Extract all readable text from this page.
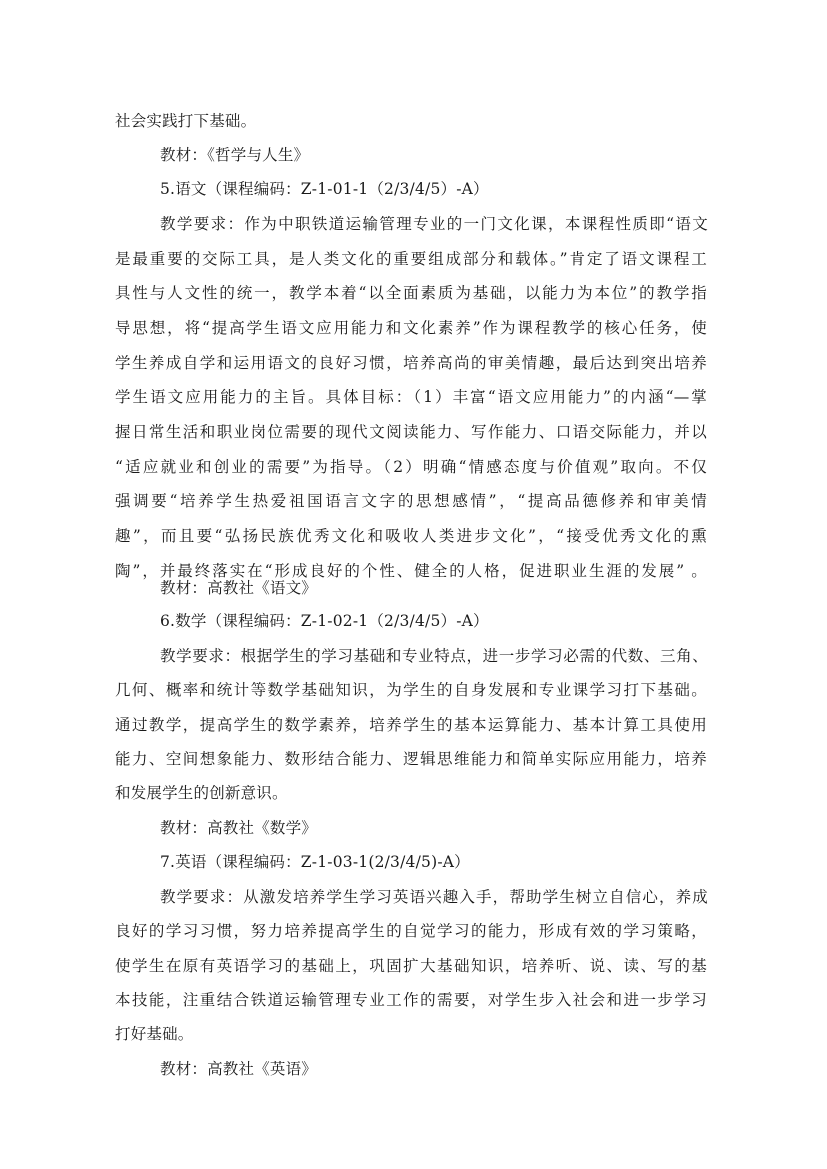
社会实践打下基础。
教材：《哲学与人生》
5.语文（课程编码：Z-1-01-1（2/3/4/5）-A）
教学要求：作为中职铁道运输管理专业的一门文化课，本课程性质即“语文
是最重要的交际工具，是人类文化的重要组成部分和载体。”肯定了语文课程工
具性与人文性的统一，教学本着“以全面素质为基础，以能力为本位”的教学指
导思想，将“提高学生语文应用能力和文化素养”作为课程教学的核心任务，使
学生养成自学和运用语文的良好习惯，培养高尚的审美情趣，最后达到突出培养
学生语文应用能力的主旨。具体目标：（1）丰富“语文应用能力”的内涵“—掌
握日常生活和职业岗位需要的现代文阅读能力、写作能力、口语交际能力，并以
“适应就业和创业的需要”为指导。（2）明确“情感态度与价值观”取向。不仅
强调要“培养学生热爱祖国语言文字的思想感情”，“提高品德修养和审美情
趣”，而且要“弘扬民族优秀文化和吸收人类进步文化”，“接受优秀文化的熏
陶”，并最终落实在“形成良好的个性、健全的人格，促进职业生涯的发展” 。
教材：高教社《语文》
6.数学（课程编码：Z-1-02-1（2/3/4/5）-A）
教学要求：根据学生的学习基础和专业特点，进一步学习必需的代数、三角、
几何、概率和统计等数学基础知识，为学生的自身发展和专业课学习打下基础。
通过教学，提高学生的数学素养，培养学生的基本运算能力、基本计算工具使用
能力、空间想象能力、数形结合能力、逻辑思维能力和简单实际应用能力，培养
和发展学生的创新意识。
教材：高教社《数学》
7.英语（课程编码：Z-1-03-1(2/3/4/5)-A）
教学要求：从激发培养学生学习英语兴趣入手，帮助学生树立自信心，养成
良好的学习习惯，努力培养提高学生的自觉学习的能力，形成有效的学习策略，
使学生在原有英语学习的基础上，巩固扩大基础知识，培养听、说、读、写的基
本技能，注重结合铁道运输管理专业工作的需要，对学生步入社会和进一步学习
打好基础。
教材：高教社《英语》
